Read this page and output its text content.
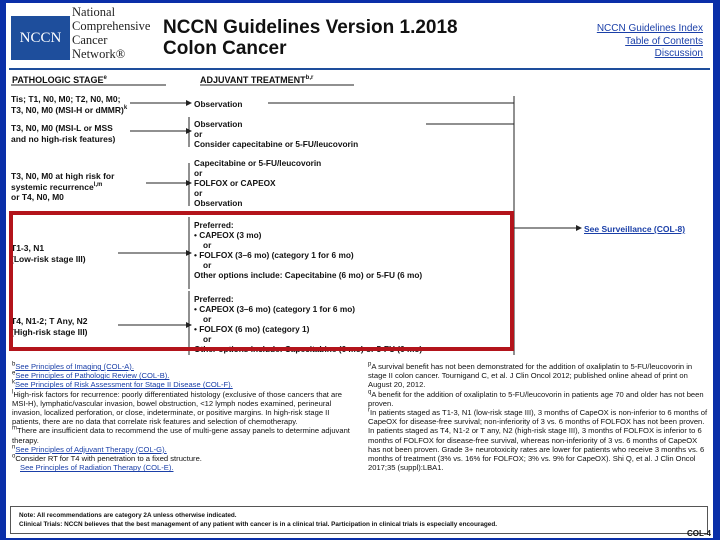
NCCN
National
Comprehensive
Cancer
Network®
NCCN Guidelines Version 1.2018
Colon Cancer
NCCN Guidelines Index
Table of Contents
Discussion
PATHOLOGIC STAGE$^e$	ADJUVANT TREATMENT$^{b,r}$
Tis; T1, N0, M0; T2, N0, M0;
T3, N0, M0 (MSI-H or dMMR)$^k$
T3, N0, M0 (MSI-L or MSS
and no high-risk features)
T3, N0, M0 at high risk for
systemic recurrence$^{l,m}$
or T4, N0, M0
T1-3, N1
(Low-risk stage III)
T4, N1-2; T Any, N2
(High-risk stage III)
Observation
Observation
or
Consider capecitabine or 5-FU/leucovorin
Capecitabine or 5-FU/leucovorin
or
FOLFOX or CAPEOX
or
Observation
Preferred:
• CAPEOX (3 mo)
or
• FOLFOX (3–6 mo) (category 1 for 6 mo)
or
Other options include: Capecitabine (6 mo) or 5-FU (6 mo)
Preferred:
• CAPEOX (3–6 mo) (category 1 for 6 mo)
or
• FOLFOX (6 mo) (category 1)
or
Other options include: Capecitabine (6 mo) or 5-FU (6 mo)
See Surveillance (COL-8)
$^b$See Principles of Imaging (COL-A).
$^e$See Principles of Pathologic Review (COL-B).
$^k$See Principles of Risk Assessment for Stage II Disease (COL-F).
$^l$High-risk factors for recurrence: poorly differentiated histology (exclusive of those cancers that are MSI-H), lymphatic/vascular invasion, bowel obstruction, <12 lymph nodes examined, perineural invasion, localized perforation, or close, indeterminate, or positive margins. In high-risk stage II patients, there are no data that correlate risk features and selection of chemotherapy.
$^m$There are insufficient data to recommend the use of multi-gene assay panels to determine adjuvant therapy.
$^n$See Principles of Adjuvant Therapy (COL-G).
$^o$Consider RT for T4 with penetration to a fixed structure.
See Principles of Radiation Therapy (COL-E).
$^p$A survival benefit has not been demonstrated for the addition of oxaliplatin to 5-FU/leucovorin in stage II colon cancer. Tournigand C, et al. J Clin Oncol 2012; published online ahead of print on August 20, 2012.
$^q$A benefit for the addition of oxaliplatin to 5-FU/leucovorin in patients age 70 and older has not been proven.
$^r$In patients staged as T1-3, N1 (low-risk stage III), 3 months of CapeOX is non-inferior to 6 months of CapeOX for disease-free survival; non-inferiority of 3 vs. 6 months of FOLFOX has not been proven. In patients staged as T4, N1-2 or T any, N2 (high-risk stage III), 3 months of FOLFOX is inferior to 6 months of FOLFOX for disease-free survival, whereas non-inferiority of 3 vs. 6 months of CapeOX has not been proven. Grade 3+ neurotoxicity rates are lower for patients who receive 3 months vs. 6 months of treatment (3% vs. 16% for FOLFOX; 3% vs. 9% for CapeOX). Shi Q, et al. J Clin Oncol 2017;35 (suppl):LBA1.
Note: All recommendations are category 2A unless otherwise indicated.
Clinical Trials: NCCN believes that the best management of any patient with cancer is in a clinical trial. Participation in clinical trials is especially encouraged.
COL-4
